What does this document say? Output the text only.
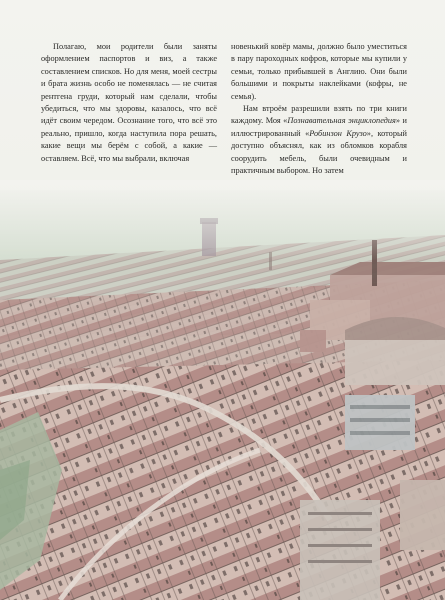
Полагаю, мои родители были заняты оформлением паспортов и виз, а также составлением списков. Но для меня, моей сестры и брата жизнь особо не поменялась — не считая рентгена груди, который нам сделали, чтобы убедиться, что мы здоровы, казалось, что всё идёт своим чередом. Осознание того, что всё это реально, пришло, когда наступила пора решать, какие вещи мы берём с собой, а какие — оставляем. Всё, что мы выбрали, включая

новенький ковёр мамы, должно было уместиться в пару пароходных кофров, которые мы купили у семьи, только прибывшей в Англию. Они были большими и покрыты наклейками (кофры, не семья).

Нам втроём разрешили взять по три книги каждому. Моя «Познавательная энциклопедия» и иллюстрированный «Робинзон Крузо», который доступно объяснял, как из обломков корабля соорудить мебель, были очевидным и практичным выбором. Но затем
